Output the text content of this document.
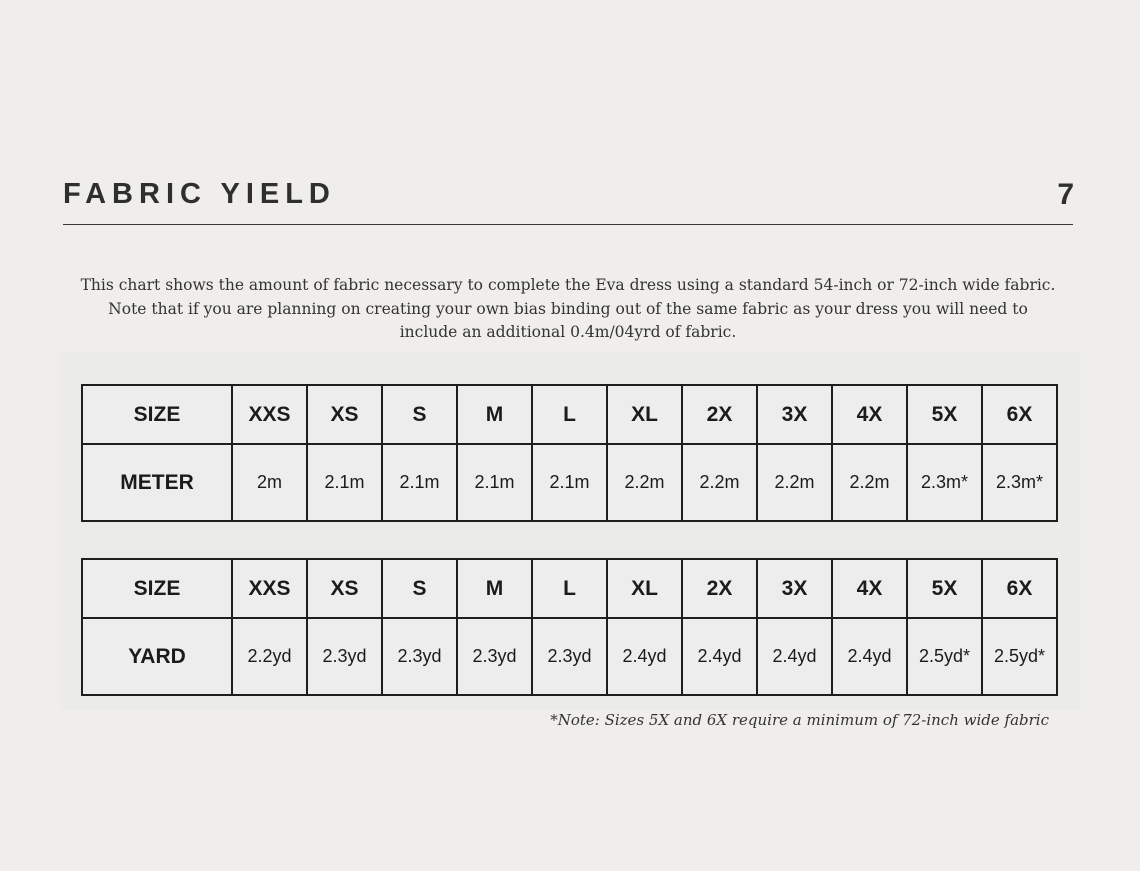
FABRIC YIELD	7
This chart shows the amount of fabric necessary to complete the Eva dress using a standard 54-inch or 72-inch wide fabric.
Note that if you are planning on creating your own bias binding out of the same fabric as your dress you will need to
include an additional 0.4m/04yrd of fabric.
SIZE	XXS	XS	S	M	L	XL	2X	3X	4X	5X	6X
METER	2m	2.1m	2.1m	2.1m	2.1m	2.2m	2.2m	2.2m	2.2m	2.3m*	2.3m*
SIZE	XXS	XS	S	M	L	XL	2X	3X	4X	5X	6X
YARD	2.2yd	2.3yd	2.3yd	2.3yd	2.3yd	2.4yd	2.4yd	2.4yd	2.4yd	2.5yd*	2.5yd*
*Note: Sizes 5X and 6X require a minimum of 72-inch wide fabric
